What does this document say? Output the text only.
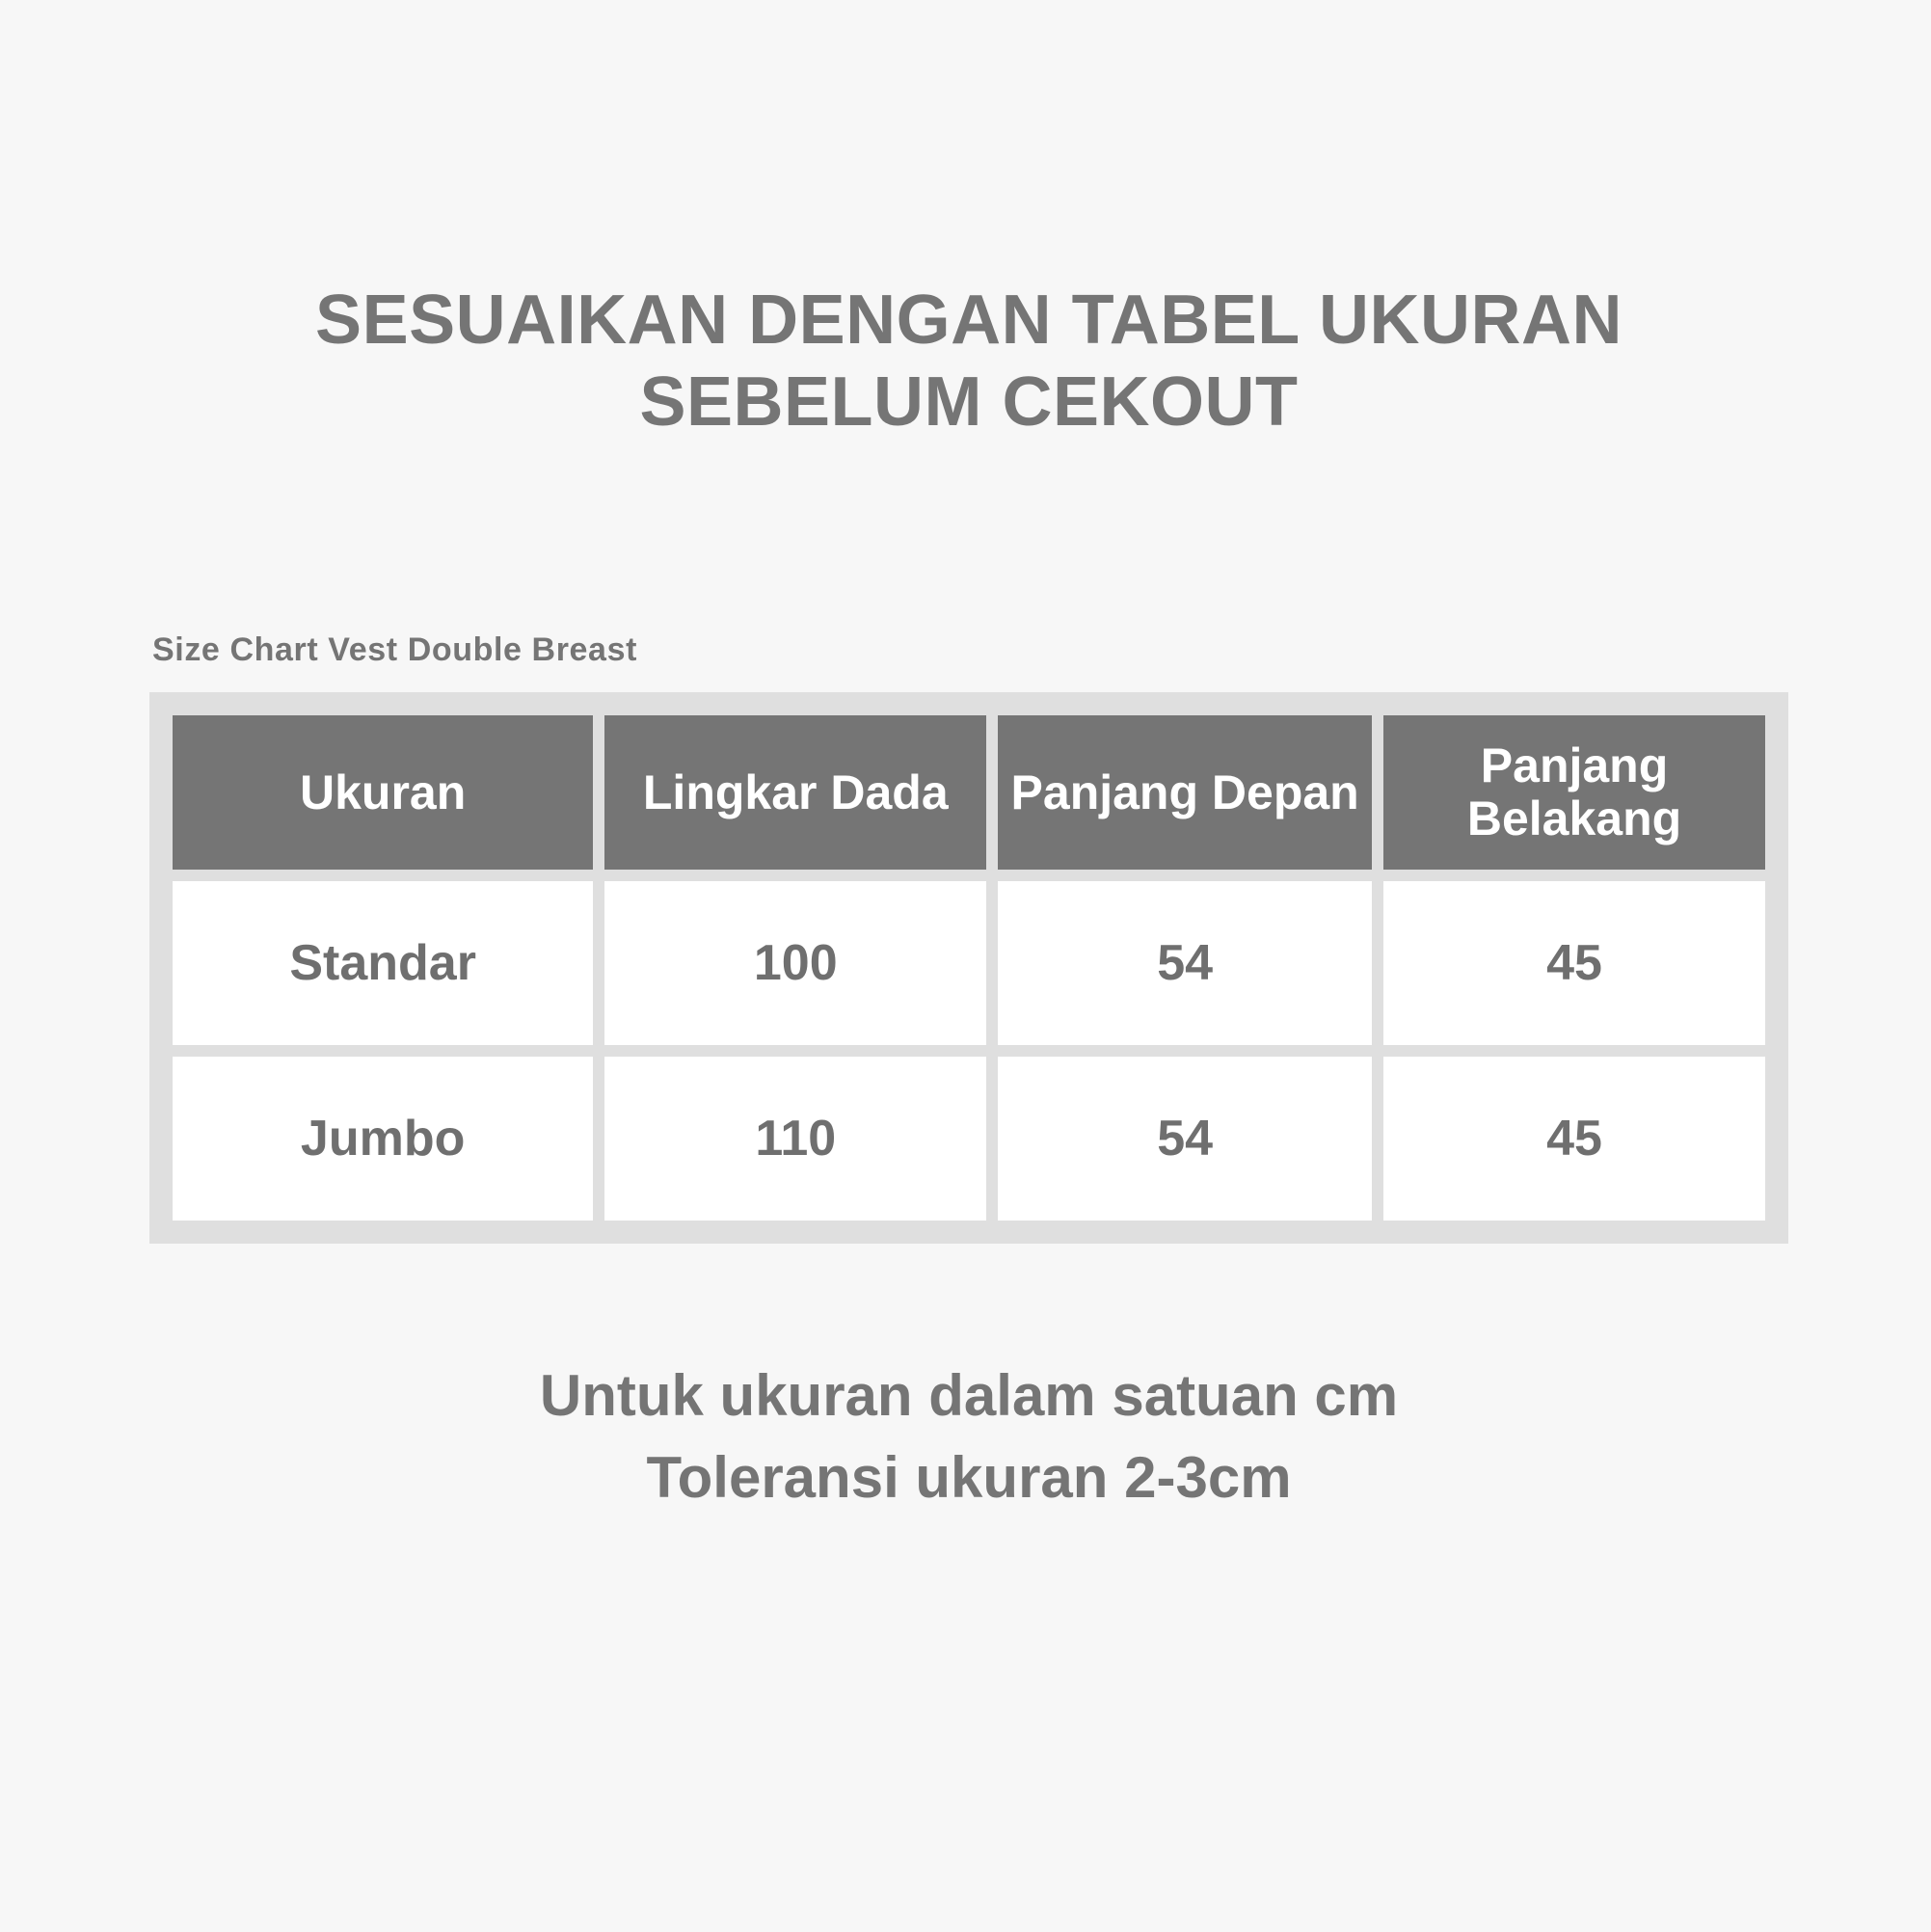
SESUAIKAN DENGAN TABEL UKURAN SEBELUM CEKOUT
Size Chart Vest Double Breast
Ukuran	Lingkar Dada	Panjang Depan	Panjang Belakang
Standar	100	54	45
Jumbo	110	54	45
Untuk ukuran dalam satuan cm
Toleransi ukuran 2-3cm
